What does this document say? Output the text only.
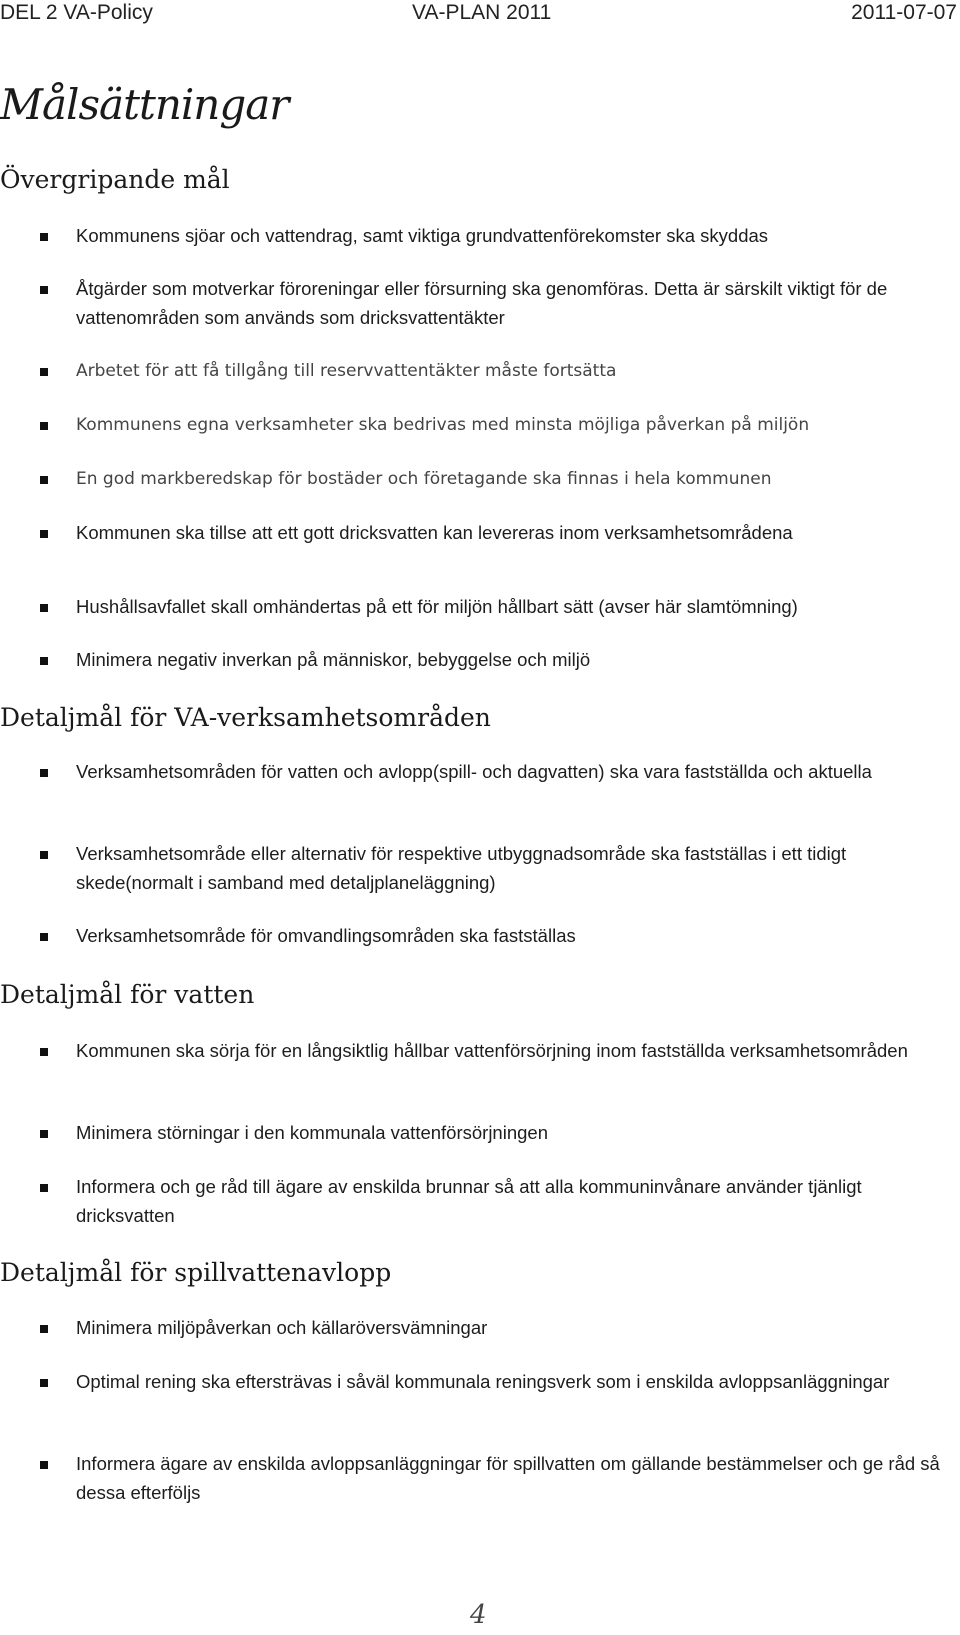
DEL 2 VA-Policy	VA-PLAN 2011	2011-07-07
Målsättningar
Övergripande mål
Kommunens sjöar och vattendrag, samt viktiga grundvattenförekomster ska skyddas
Åtgärder som motverkar föroreningar eller försurning ska genomföras. Detta är särskilt viktigt för de vattenområden som används som dricksvattentäkter
Arbetet för att få tillgång till reservvattentäkter måste fortsätta
Kommunens egna verksamheter ska bedrivas med minsta möjliga påverkan på miljön
En god markberedskap för bostäder och företagande ska finnas i hela kommunen
Kommunen ska tillse att ett gott dricksvatten kan levereras inom verksamhetsområdena
Hushållsavfallet skall omhändertas på ett för miljön hållbart sätt (avser här slamtömning)
Minimera negativ inverkan på människor, bebyggelse och miljö
Detaljmål för VA-verksamhetsområden
Verksamhetsområden för vatten och avlopp(spill- och dagvatten) ska vara fastställda och aktuella
Verksamhetsområde eller alternativ för respektive utbyggnadsområde ska fastställas i ett tidigt skede(normalt i samband med detaljplaneläggning)
Verksamhetsområde för omvandlingsområden ska fastställas
Detaljmål för vatten
Kommunen ska sörja för en långsiktlig hållbar vattenförsörjning inom fastställda verksamhetsområden
Minimera störningar i den kommunala vattenförsörjningen
Informera och ge råd till ägare av enskilda brunnar så att alla kommuninvånare använder tjänligt dricksvatten
Detaljmål för spillvattenavlopp
Minimera miljöpåverkan och källaröversvämningar
Optimal rening ska eftersträvas i såväl kommunala reningsverk som i enskilda avloppsanläggningar
Informera ägare av enskilda avloppsanläggningar för spillvatten om gällande bestämmelser och ge råd så dessa efterföljs
4
